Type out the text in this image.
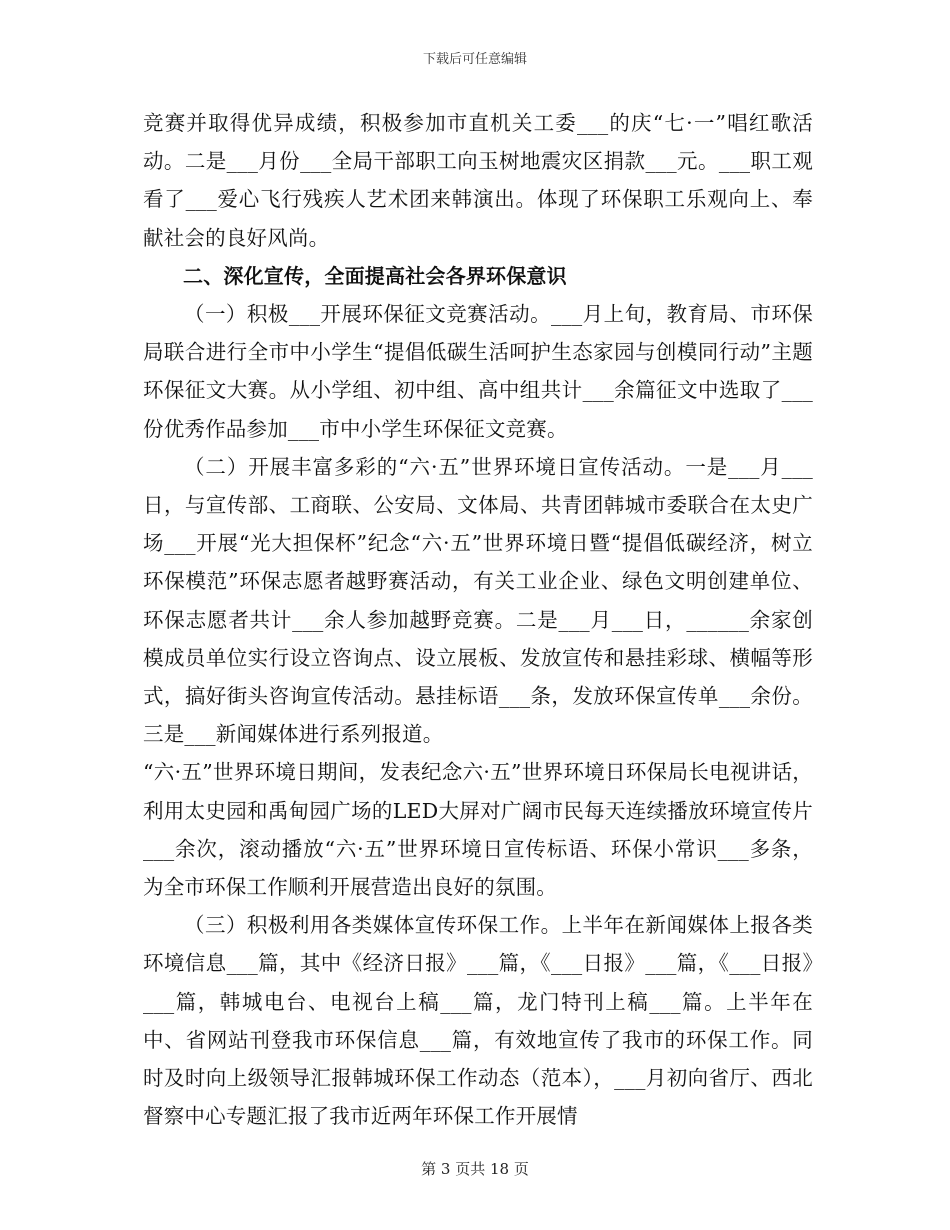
下载后可任意编辑

竞赛并取得优异成绩，积极参加市直机关工委___的庆“七·一”唱红歌活动。二是___月份___全局干部职工向玉树地震灾区捐款___元。___职工观看了___爱心飞行残疾人艺术团来韩演出。体现了环保职工乐观向上、奉献社会的良好风尚。

二、深化宣传，全面提高社会各界环保意识

（一）积极___开展环保征文竞赛活动。___月上旬，教育局、市环保局联合进行全市中小学生“提倡低碳生活呵护生态家园与创模同行动”主题环保征文大赛。从小学组、初中组、高中组共计___余篇征文中选取了___份优秀作品参加___市中小学生环保征文竞赛。

（二）开展丰富多彩的“六·五”世界环境日宣传活动。一是___月___日，与宣传部、工商联、公安局、文体局、共青团韩城市委联合在太史广场___开展“光大担保杯”纪念“六·五”世界环境日暨“提倡低碳经济，树立环保模范”环保志愿者越野赛活动，有关工业企业、绿色文明创建单位、环保志愿者共计___余人参加越野竞赛。二是___月___日，______余家创模成员单位实行设立咨询点、设立展板、发放宣传和悬挂彩球、横幅等形式，搞好街头咨询宣传活动。悬挂标语___条，发放环保宣传单___余份。三是___新闻媒体进行系列报道。

“六·五”世界环境日期间，发表纪念六·五”世界环境日环保局长电视讲话，利用太史园和禹甸园广场的LED大屏对广阔市民每天连续播放环境宣传片___余次，滚动播放“六·五”世界环境日宣传标语、环保小常识___多条，为全市环保工作顺利开展营造出良好的氛围。

（三）积极利用各类媒体宣传环保工作。上半年在新闻媒体上报各类环境信息___篇，其中《经济日报》___篇，《___日报》___篇，《___日报》___篇，韩城电台、电视台上稿___篇，龙门特刊上稿___篇。上半年在中、省网站刊登我市环保信息___篇，有效地宣传了我市的环保工作。同时及时向上级领导汇报韩城环保工作动态（范本），___月初向省厅、西北督察中心专题汇报了我市近两年环保工作开展情

第 3 页共 18 页
